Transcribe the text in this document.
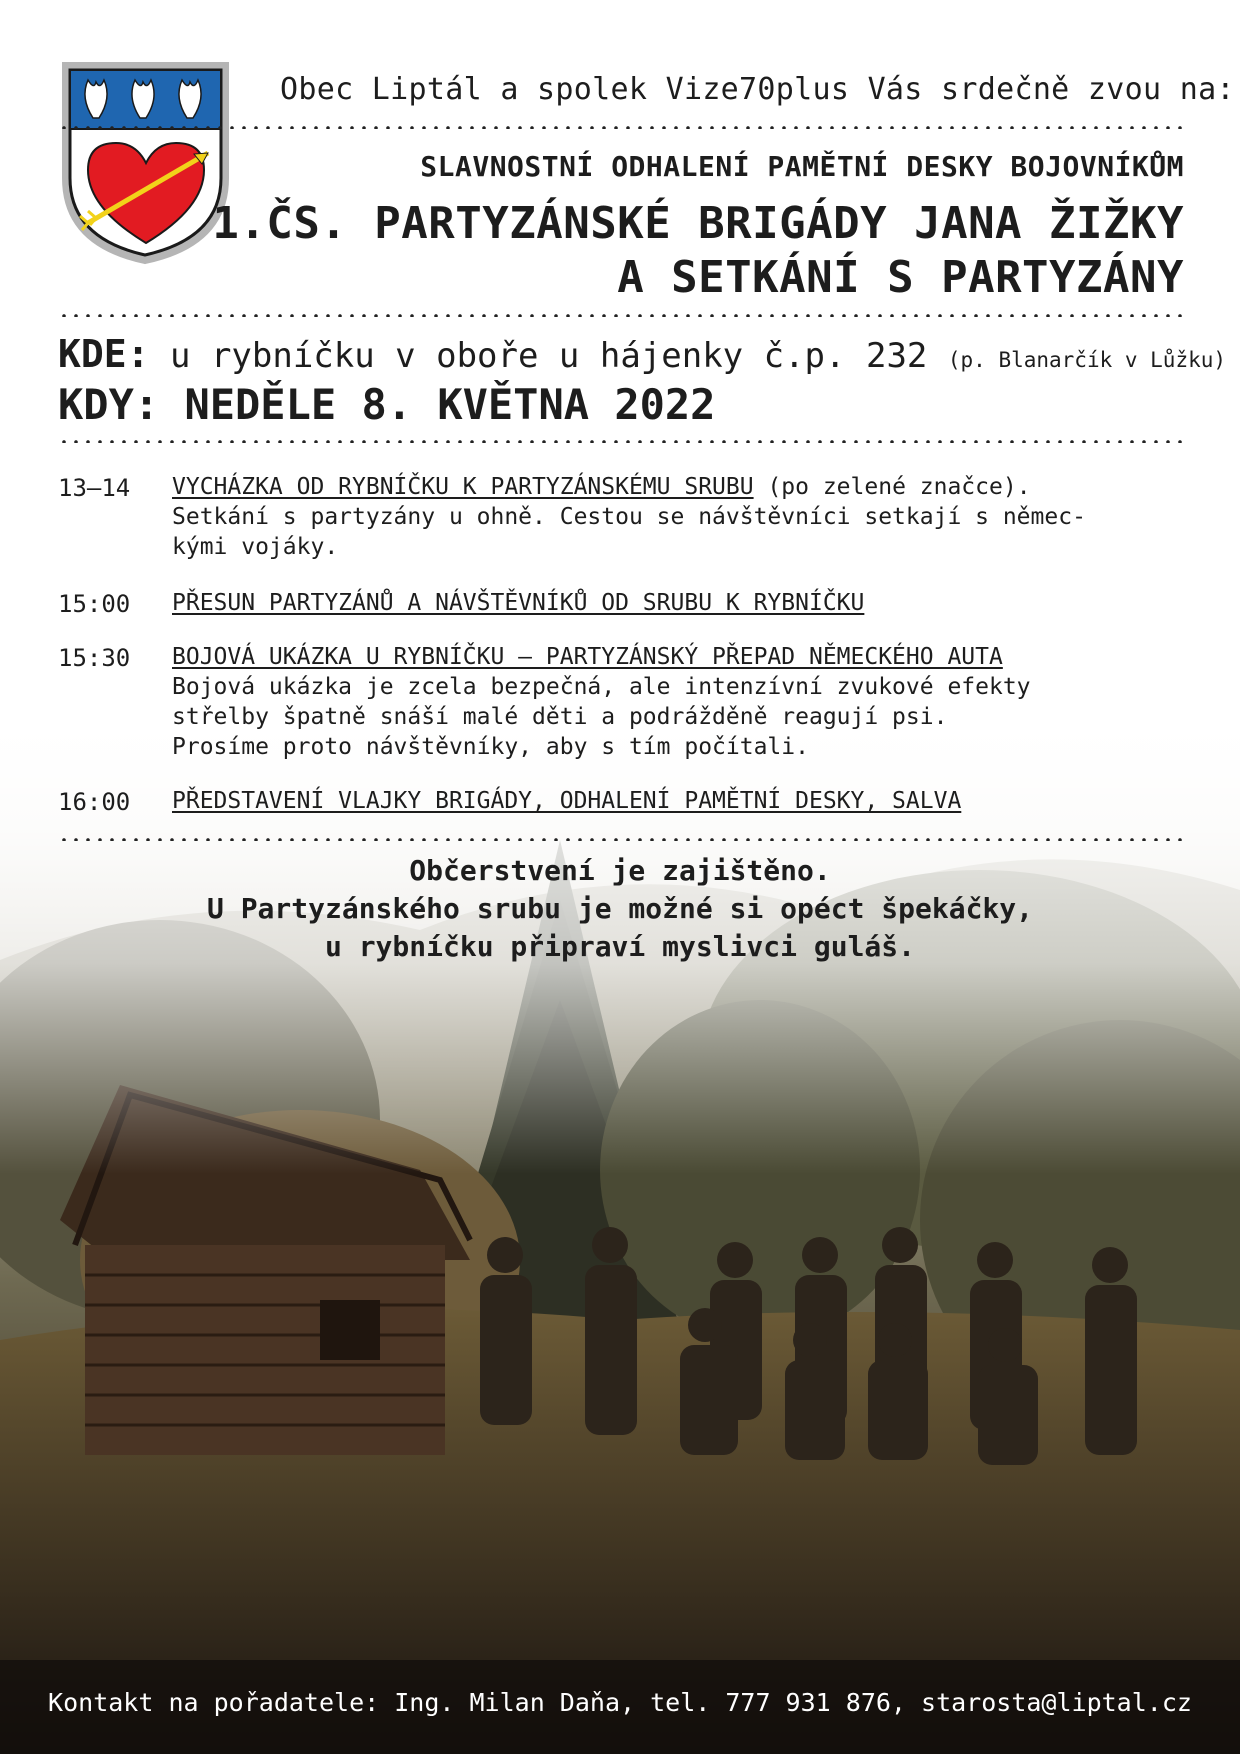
Obec Liptál a spolek Vize70plus Vás srdečně zvou na:
SLAVNOSTNÍ ODHALENÍ PAMĚTNÍ DESKY BOJOVNÍKŮM
1.ČS. PARTYZÁNSKÉ BRIGÁDY JANA ŽIŽKY
A SETKÁNÍ S PARTYZÁNY
KDE: u rybníčku v oboře u hájenky č.p. 232 (p. Blanarčík v Lůžku)
KDY: NEDĚLE 8. KVĚTNA 2022
13–14 VYCHÁZKA OD RYBNÍČKU K PARTYZÁNSKÉMU SRUBU (po zelené značce).
Setkání s partyzány u ohně. Cestou se návštěvníci setkají s němec-
kými vojáky.
15:00 PŘESUN PARTYZÁNŮ A NÁVŠTĚVNÍKŮ OD SRUBU K RYBNÍČKU
15:30 BOJOVÁ UKÁZKA U RYBNÍČKU – PARTYZÁNSKÝ PŘEPAD NĚMECKÉHO AUTA
Bojová ukázka je zcela bezpečná, ale intenzívní zvukové efekty
střelby špatně snáší malé děti a podrážděně reagují psi.
Prosíme proto návštěvníky, aby s tím počítali.
16:00 PŘEDSTAVENÍ VLAJKY BRIGÁDY, ODHALENÍ PAMĚTNÍ DESKY, SALVA
Občerstvení je zajištěno.
U Partyzánského srubu je možné si opéct špekáčky,
u rybníčku připraví myslivci guláš.
Kontakt na pořadatele: Ing. Milan Daňa, tel. 777 931 876, starosta@liptal.cz
